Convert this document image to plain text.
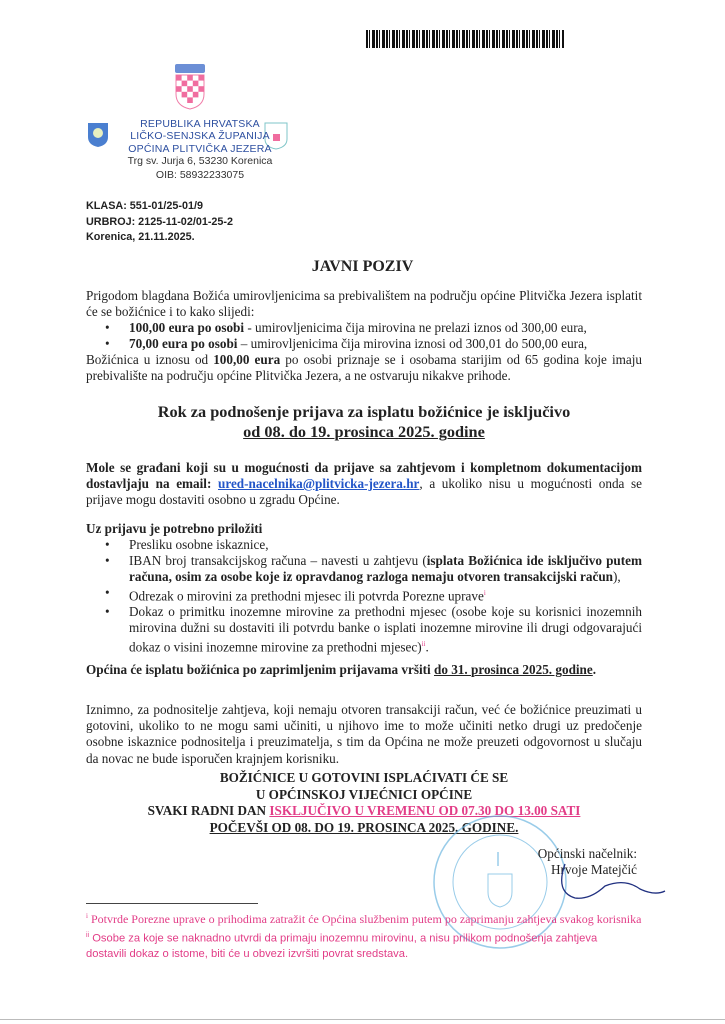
REPUBLIKA HRVATSKA
LIČKO-SENJSKA ŽUPANIJA
OPĆINA PLITVIČKA JEZERA
Trg sv. Jurja 6, 53230 Korenica
OIB: 58932233075
KLASA: 551-01/25-01/9
URBROJ: 2125-11-02/01-25-2
Korenica, 21.11.2025.
JAVNI POZIV
Prigodom blagdana Božića umirovljenicima sa prebivalištem na području općine Plitvička Jezera isplatit će se božićnice i to kako slijedi:
• 100,00 eura po osobi - umirovljenicima čija mirovina ne prelazi iznos od 300,00 eura,
• 70,00 eura po osobi – umirovljenicima čija mirovina iznosi od 300,01 do 500,00 eura,
Božićnica u iznosu od 100,00 eura po osobi priznaje se i osobama starijim od 65 godina koje imaju prebivalište na području općine Plitvička Jezera, a ne ostvaruju nikakve prihode.
Rok za podnošenje prijava za isplatu božićnice je isključivo
od 08. do 19. prosinca 2025. godine
Mole se građani koji su u mogućnosti da prijave sa zahtjevom i kompletnom dokumentacijom dostavljaju na email: ured-nacelnika@plitvicka-jezera.hr, a ukoliko nisu u mogućnosti onda se prijave mogu dostaviti osobno u zgradu Općine.
Uz prijavu je potrebno priložiti
• Presliku osobne iskaznice,
• IBAN broj transakcijskog računa – navesti u zahtjevu (isplata Božićnica ide isključivo putem računa, osim za osobe koje iz opravdanog razloga nemaju otvoren transakcijski račun),
• Odrezak o mirovini za prethodni mjesec ili potvrda Porezne uprave$^i$
• Dokaz o primitku inozemne mirovine za prethodni mjesec (osobe koje su korisnici inozemnih mirovina dužni su dostaviti ili potvrdu banke o isplati inozemne mirovine ili drugi odgovarajući dokaz o visini inozemne mirovine za prethodni mjesec)$^{ii}$.
Općina će isplatu božićnica po zaprimljenim prijavama vršiti do 31. prosinca 2025. godine.
Iznimno, za podnositelje zahtjeva, koji nemaju otvoren transakciji račun, već će božićnice preuzimati u gotovini, ukoliko to ne mogu sami učiniti, u njihovo ime to može učiniti netko drugi uz predočenje osobne iskaznice podnositelja i preuzimatelja, s tim da Općina ne može preuzeti odgovornost u slučaju da novac ne bude isporučen krajnjem korisniku.
BOŽIĆNICE U GOTOVINI ISPLAĆIVATI ĆE SE
U OPĆINSKOJ VIJEĆNICI OPĆINE
SVAKI RADNI DAN ISKLJUČIVO U VREMENU OD 07.30 DO 13.00 SATI
POČEVŠI OD 08. DO 19. PROSINCA 2025. GODINE.
Općinski načelnik:
Hrvoje Matejčić
$^i$ Potvrde Porezne uprave o prihodima zatražit će Općina službenim putem po zaprimanju zahtjeva svakog korisnika
$^{ii}$ Osobe za koje se naknadno utvrdi da primaju inozemnu mirovinu, a nisu prilikom podnošenja zahtjeva dostavili dokaz o istome, biti će u obvezi izvršiti povrat sredstava.
